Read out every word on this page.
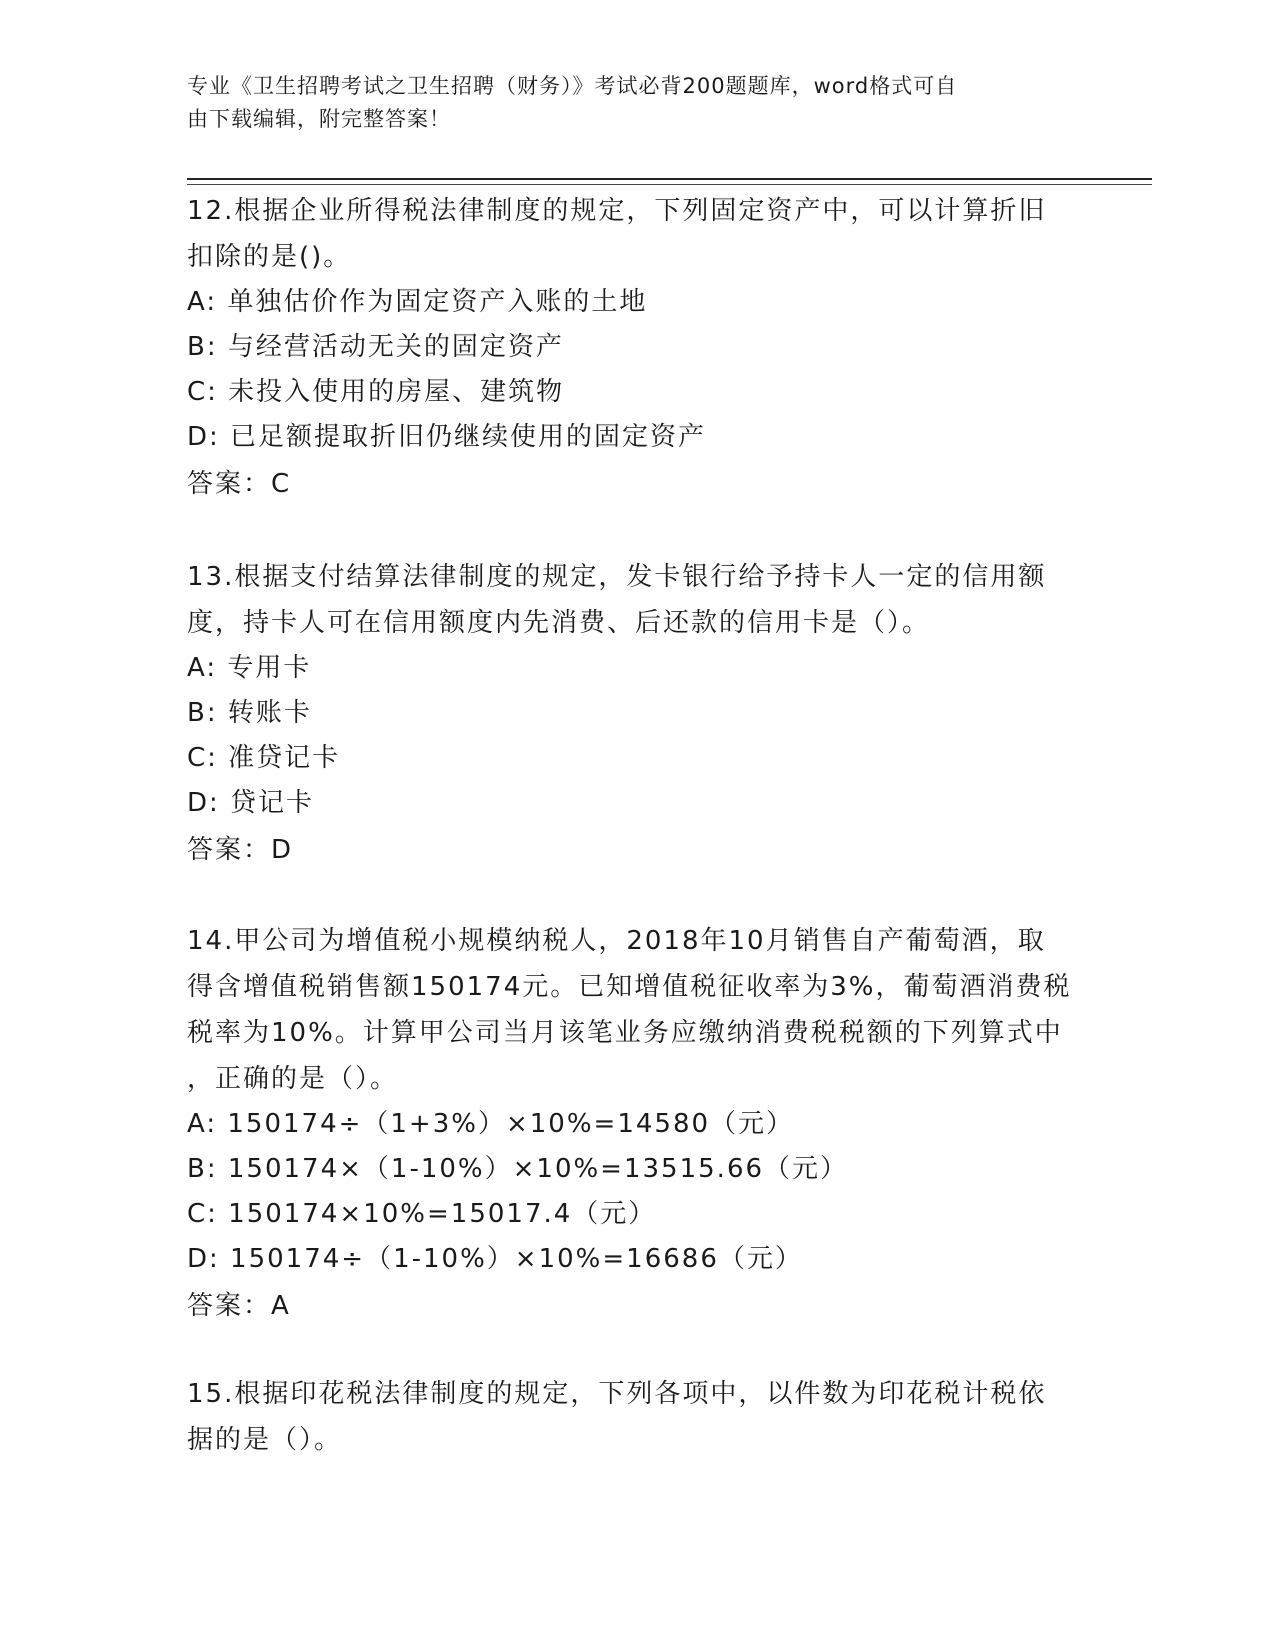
专业《卫生招聘考试之卫生招聘（财务）》考试必背200题题库，word格式可自
由下载编辑，附完整答案！
12.根据企业所得税法律制度的规定，下列固定资产中，可以计算折旧
扣除的是()。
A: 单独估价作为固定资产入账的土地
B: 与经营活动无关的固定资产
C: 未投入使用的房屋、建筑物
D: 已足额提取折旧仍继续使用的固定资产
答案：C
13.根据支付结算法律制度的规定，发卡银行给予持卡人一定的信用额
度，持卡人可在信用额度内先消费、后还款的信用卡是（）。
A: 专用卡
B: 转账卡
C: 准贷记卡
D: 贷记卡
答案：D
14.甲公司为增值税小规模纳税人，2018年10月销售自产葡萄酒，取
得含增值税销售额150174元。已知增值税征收率为3%，葡萄酒消费税
税率为10%。计算甲公司当月该笔业务应缴纳消费税税额的下列算式中
，正确的是（）。
A: 150174÷（1+3%）×10%=14580（元）
B: 150174×（1-10%）×10%=13515.66（元）
C: 150174×10%=15017.4（元）
D: 150174÷（1-10%）×10%=16686（元）
答案：A
15.根据印花税法律制度的规定，下列各项中，以件数为印花税计税依
据的是（）。
